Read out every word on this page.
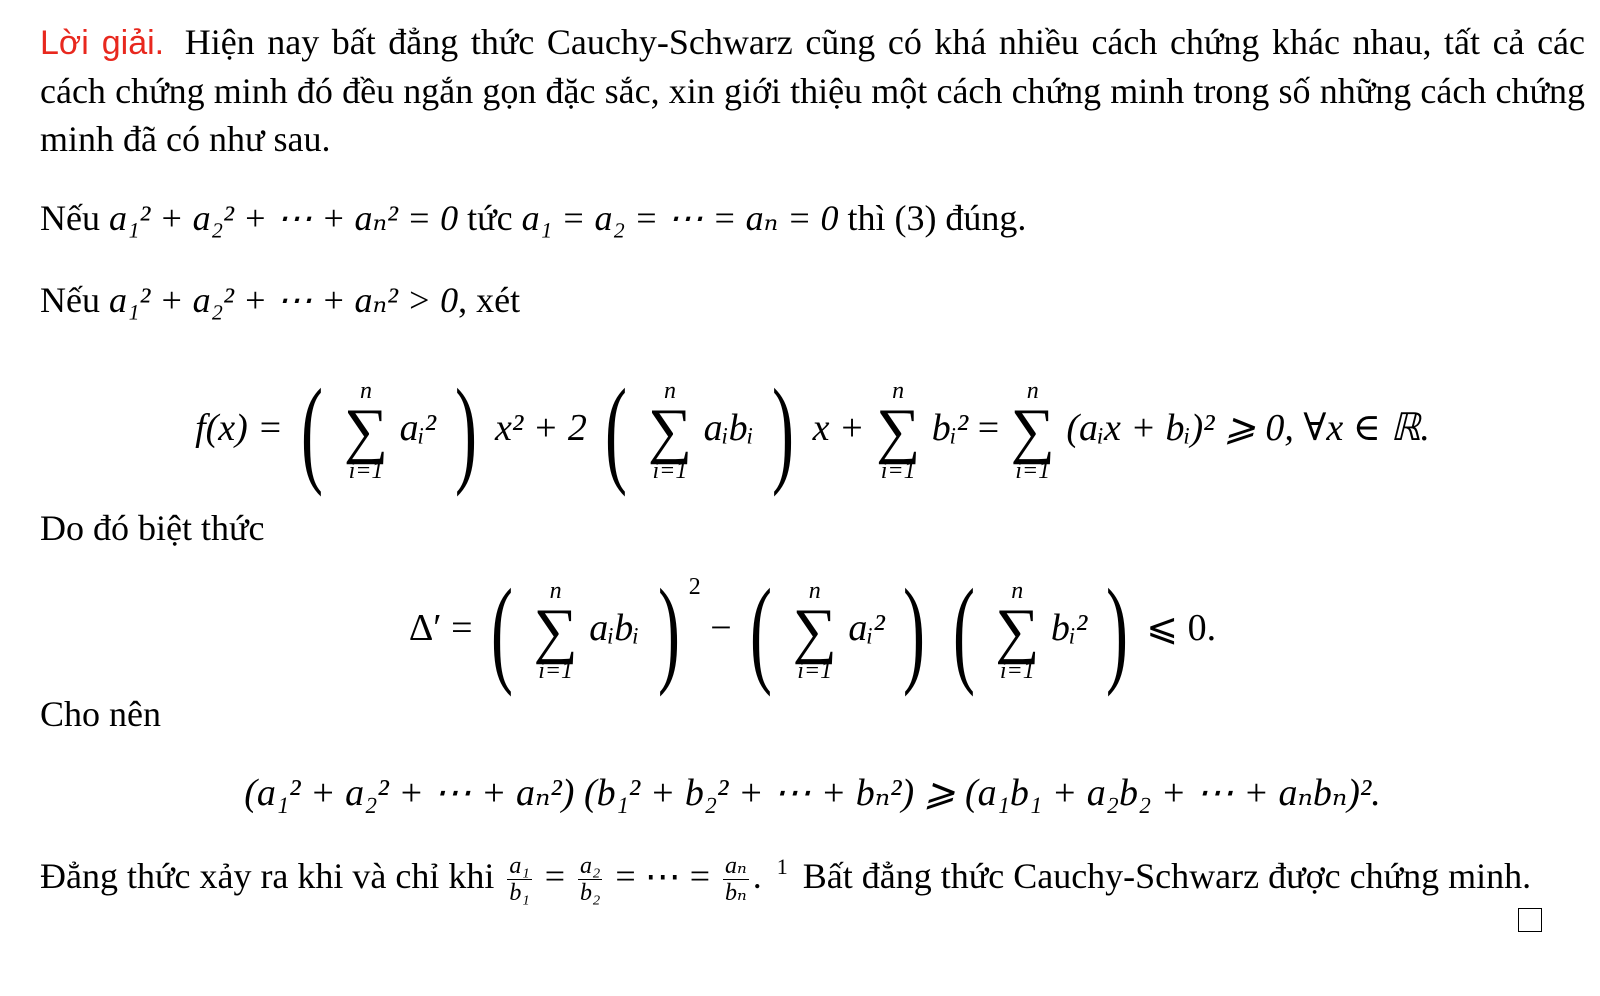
Lời giải. Hiện nay bất đẳng thức Cauchy-Schwarz cũng có khá nhiều cách chứng khác nhau, tất cả các cách chứng minh đó đều ngắn gọn đặc sắc, xin giới thiệu một cách chứng minh trong số những cách chứng minh đã có như sau.
Nếu a₁² + a₂² + ⋯ + aₙ² = 0 tức a₁ = a₂ = ⋯ = aₙ = 0 thì (3) đúng.
Nếu a₁² + a₂² + ⋯ + aₙ² > 0, xét
f(x) = ( n
∑
i=1
aᵢ² ) x² + 2 ( n
∑
i=1
aᵢbᵢ ) x +
n
∑
i=1
bᵢ² =
n
∑
i=1
(aᵢx + bᵢ)² ⩾ 0, ∀x ∈ ℝ.
Do đó biệt thức
Δ′ = ( n
∑
i=1
aᵢbᵢ ) $^2$ − ( n
∑
i=1
aᵢ² ) ( n
∑
i=1
bᵢ² ) ⩽ 0.
Cho nên
(a₁² + a₂² + ⋯ + aₙ²) (b₁² + b₂² + ⋯ + bₙ²) ⩾ (a₁b₁ + a₂b₂ + ⋯ + aₙbₙ)².
Đẳng thức xảy ra khi và chỉ khi $\frac{\text{a₁}}{\text{b₁}} = \frac{\text{a₂}}{\text{b₂}}$ = ⋯ = $\frac{\text{aₙ}}{\text{bₙ}}$ . $^1$ Bất đẳng thức Cauchy-Schwarz được chứng minh.
